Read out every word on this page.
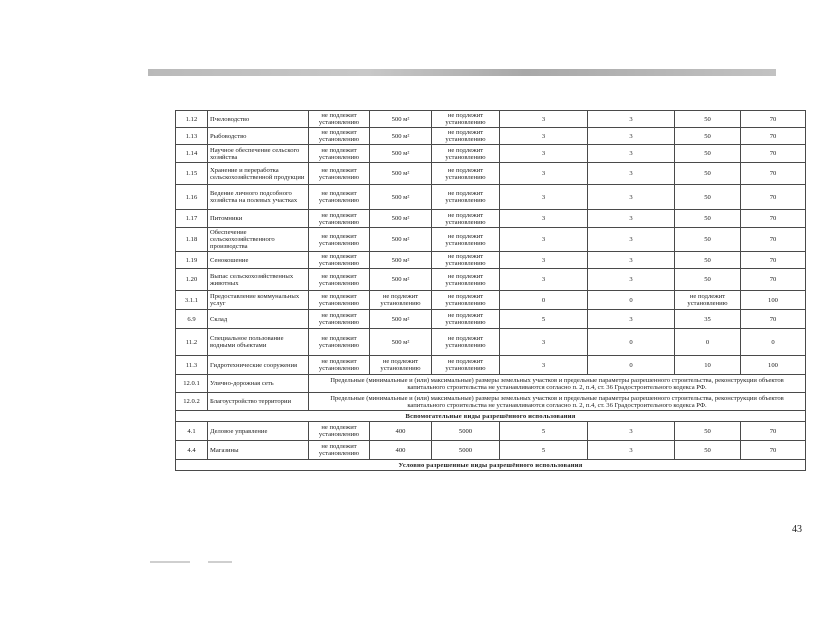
1.12	Пчеловодство	не подлежит установлению	500 м²	не подлежит установлению	3	3	50	70
1.13	Рыбоводство	не подлежит установлению	500 м²	не подлежит установлению	3	3	50	70
1.14	Научное обеспечение сельского хозяйства	не подлежит установлению	500 м²	не подлежит установлению	3	3	50	70
1.15	Хранение и переработка сельскохозяйственной продукции	не подлежит установлению	500 м²	не подлежит установлению	3	3	50	70
1.16	Ведение личного подсобного хозяйства на полевых участках	не подлежит установлению	500 м²	не подлежит установлению	3	3	50	70
1.17	Питомники	не подлежит установлению	500 м²	не подлежит установлению	3	3	50	70
1.18	Обеспечение сельскохозяйственного производства	не подлежит установлению	500 м²	не подлежит установлению	3	3	50	70
1.19	Сенокошение	не подлежит установлению	500 м²	не подлежит установлению	3	3	50	70
1.20	Выпас сельскохозяйственных животных	не подлежит установлению	500 м²	не подлежит установлению	3	3	50	70
3.1.1	Предоставление коммунальных услуг	не подлежит установлению	не подлежит установлению	не подлежит установлению	0	0	не подлежит установлению	100
6.9	Склад	не подлежит установлению	500 м²	не подлежит установлению	5	3	35	70
11.2	Специальное пользование водными объектами	не подлежит установлению	500 м²	не подлежит установлению	3	0	0	0
11.3	Гидротехнические сооружения	не подлежит установлению	не подлежит установлению	не подлежит установлению	3	0	10	100
12.0.1	Улично-дорожная сеть	Предельные (минимальные и (или) максимальные) размеры земельных участков и предельные параметры разрешенного строительства, реконструкции объектов капитального строительства не устанавливаются согласно п. 2, п.4, ст. 36 Градостроительного кодекса РФ.						
12.0.2	Благоустройство территории	Предельные (минимальные и (или) максимальные) размеры земельных участков и предельные параметры разрешенного строительства, реконструкции объектов капитального строительства не устанавливаются согласно п. 2, п.4, ст. 36 Градостроительного кодекса РФ.						
Вспомогательные виды разрешённого использования								
4.1	Деловое управление	не подлежит установлению	400	5000	5	3	50	70
4.4	Магазины	не подлежит установлению	400	5000	5	3	50	70
Условно разрешенные виды разрешённого использования								
43
